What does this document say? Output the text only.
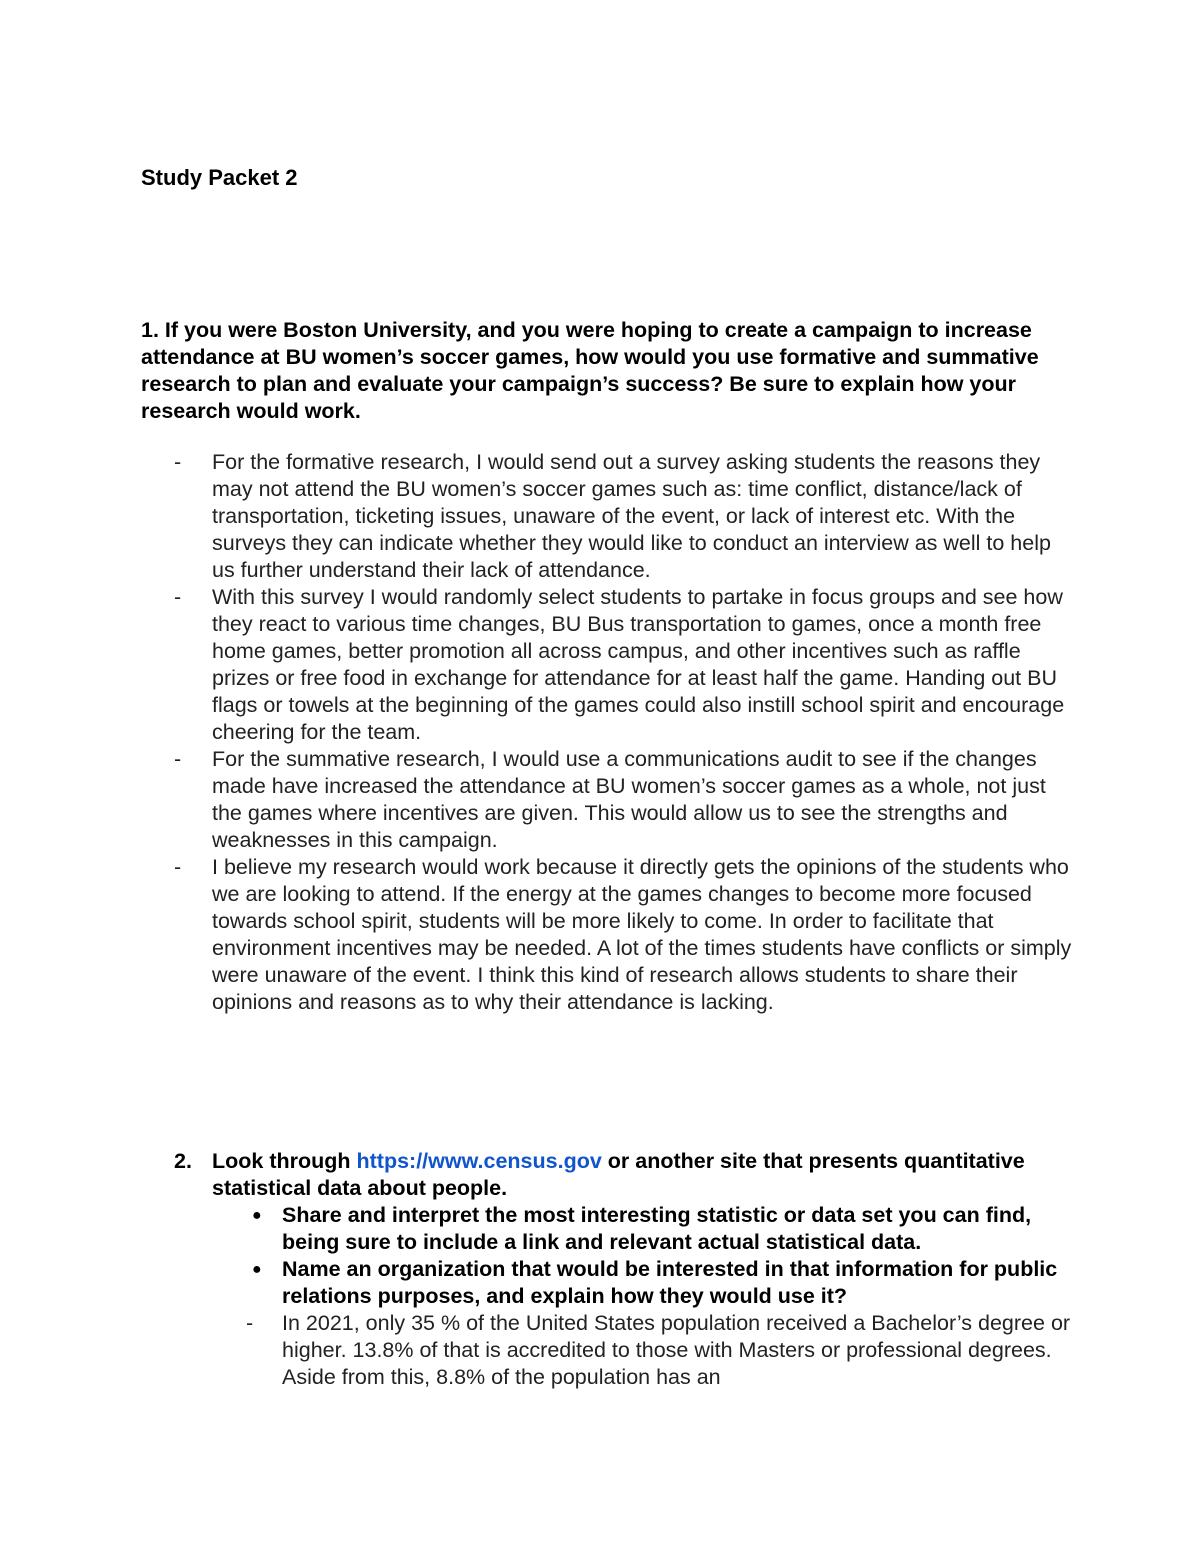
Study Packet 2

1. If you were Boston University, and you were hoping to create a campaign to increase attendance at BU women’s soccer games, how would you use formative and summative research to plan and evaluate your campaign’s success? Be sure to explain how your research would work.

- For the formative research, I would send out a survey asking students the reasons they may not attend the BU women’s soccer games such as: time conflict, distance/lack of transportation, ticketing issues, unaware of the event, or lack of interest etc. With the surveys they can indicate whether they would like to conduct an interview as well to help us further understand their lack of attendance.
- With this survey I would randomly select students to partake in focus groups and see how they react to various time changes, BU Bus transportation to games, once a month free home games, better promotion all across campus, and other incentives such as raffle prizes or free food in exchange for attendance for at least half the game. Handing out BU flags or towels at the beginning of the games could also instill school spirit and encourage cheering for the team.
- For the summative research, I would use a communications audit to see if the changes made have increased the attendance at BU women’s soccer games as a whole, not just the games where incentives are given. This would allow us to see the strengths and weaknesses in this campaign.
- I believe my research would work because it directly gets the opinions of the students who we are looking to attend. If the energy at the games changes to become more focused towards school spirit, students will be more likely to come. In order to facilitate that environment incentives may be needed. A lot of the times students have conflicts or simply were unaware of the event. I think this kind of research allows students to share their opinions and reasons as to why their attendance is lacking.
2. Look through https://www.census.gov or another site that presents quantitative statistical data about people.
● Share and interpret the most interesting statistic or data set you can find, being sure to include a link and relevant actual statistical data.
● Name an organization that would be interested in that information for public relations purposes, and explain how they would use it?
- In 2021, only 35 % of the United States population received a Bachelor’s degree or higher. 13.8% of that is accredited to those with Masters or professional degrees. Aside from this, 8.8% of the population has an
